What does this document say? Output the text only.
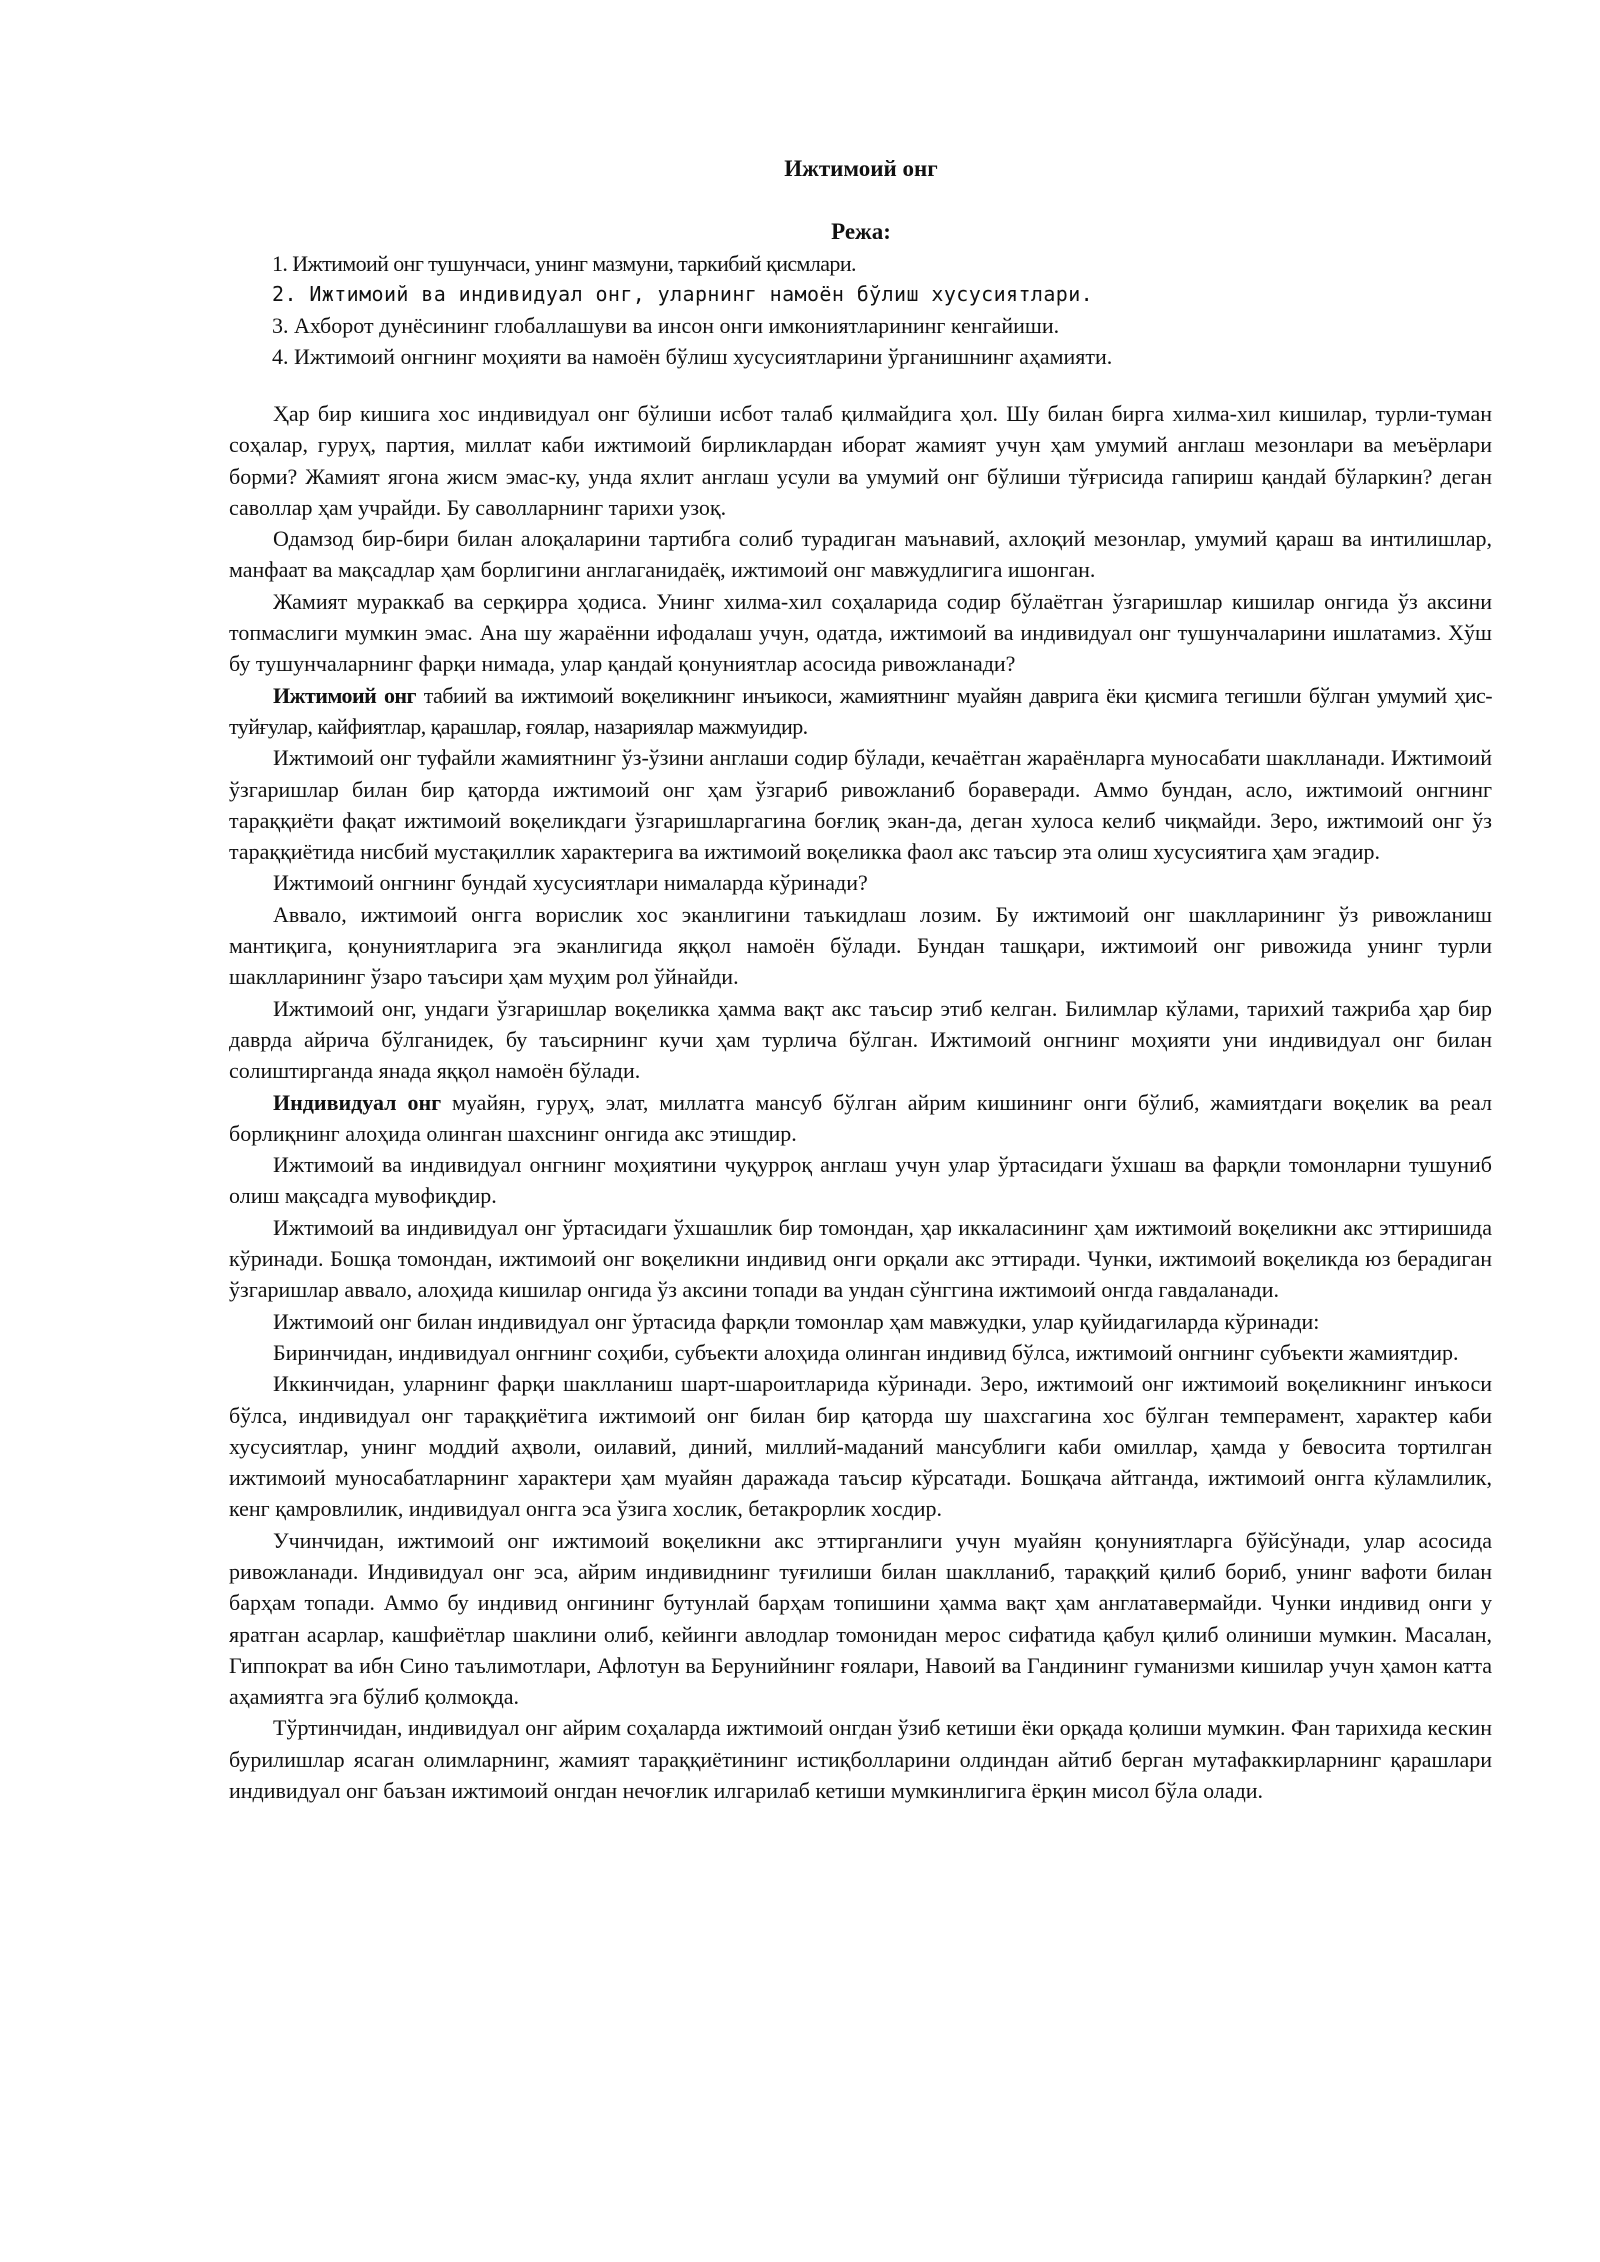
Ижтимоий онг
Режа:
1. Ижтимоий онг тушунчаси, унинг мазмуни, таркибий қисмлари.
2. Ижтимоий ва индивидуал онг, уларнинг намоён бўлиш хусусиятлари.
3. Ахборот дунёсининг глобаллашуви ва инсон онги имкониятларининг кенгайиши.
4. Ижтимоий онгнинг моҳияти ва намоён бўлиш хусусиятларини ўрганишнинг аҳамияти.

Ҳар бир кишига хос индивидуал онг бўлиши исбот талаб қилмайдига ҳол. Шу билан бирга хилма-хил кишилар, турли-туман соҳалар, гуруҳ, партия, миллат каби ижтимоий бирликлардан иборат жамият учун ҳам умумий англаш мезонлари ва меъёрлари борми? Жамият ягона жисм эмас-ку, унда яхлит англаш усули ва умумий онг бўлиши тўғрисида гапириш қандай бўларкин? деган саволлар ҳам учрайди. Бу саволларнинг тарихи узоқ.

Одамзод бир-бири билан алоқаларини тартибга солиб турадиган маънавий, ахлоқий мезонлар, умумий қараш ва интилишлар, манфаат ва мақсадлар ҳам борлигини англаганидаёқ, ижтимоий онг мавжудлигига ишонган.

Жамият мураккаб ва серқирра ҳодиса. Унинг хилма-хил соҳаларида содир бўлаётган ўзгаришлар кишилар онгида ўз аксини топмаслиги мумкин эмас. Ана шу жараённи ифодалаш учун, одатда, ижтимоий ва индивидуал онг тушунчаларини ишлатамиз. Хўш бу тушунчаларнинг фарқи нимада, улар қандай қонуниятлар асосида ривожланади?

Ижтимоий онг табиий ва ижтимоий воқеликнинг инъикоси, жамиятнинг муайян даврига ёки қисмига тегишли бўлган умумий ҳис-туйғулар, кайфиятлар, қарашлар, ғоялар, назариялар мажмуидир.

Ижтимоий онг туфайли жамиятнинг ўз-ўзини англаши содир бўлади, кечаётган жараёнларга муносабати шаклланади. Ижтимоий ўзгаришлар билан бир қаторда ижтимоий онг ҳам ўзгариб ривожланиб бораверади. Аммо бундан, асло, ижтимоий онгнинг тараққиёти фақат ижтимоий воқеликдаги ўзгаришларгагина боғлиқ экан-да, деган хулоса келиб чиқмайди. Зеро, ижтимоий онг ўз тараққиётида нисбий мустақиллик характерига ва ижтимоий воқеликка фаол акс таъсир эта олиш хусусиятига ҳам эгадир.

Ижтимоий онгнинг бундай хусусиятлари нималарда кўринади?

Аввало, ижтимоий онгга ворислик хос эканлигини таъкидлаш лозим. Бу ижтимоий онг шаклларининг ўз ривожланиш мантиқига, қонуниятларига эга эканлигида яққол намоён бўлади. Бундан ташқари, ижтимоий онг ривожида унинг турли шаклларининг ўзаро таъсири ҳам муҳим рол ўйнайди.

Ижтимоий онг, ундаги ўзгаришлар воқеликка ҳамма вақт акс таъсир этиб келган. Билимлар кўлами, тарихий тажриба ҳар бир даврда айрича бўлганидек, бу таъсирнинг кучи ҳам турлича бўлган. Ижтимоий онгнинг моҳияти уни индивидуал онг билан солиштирганда янада яққол намоён бўлади.

Индивидуал онг муайян, гуруҳ, элат, миллатга мансуб бўлган айрим кишининг онги бўлиб, жамиятдаги воқелик ва реал борлиқнинг алоҳида олинган шахснинг онгида акс этишдир.

Ижтимоий ва индивидуал онгнинг моҳиятини чуқурроқ англаш учун улар ўртасидаги ўхшаш ва фарқли томонларни тушуниб олиш мақсадга мувофиқдир.

Ижтимоий ва индивидуал онг ўртасидаги ўхшашлик бир томондан, ҳар иккаласининг ҳам ижтимоий воқеликни акс эттиришида кўринади. Бошқа томондан, ижтимоий онг воқеликни индивид онги орқали акс эттиради. Чунки, ижтимоий воқеликда юз берадиган ўзгаришлар аввало, алоҳида кишилар онгида ўз аксини топади ва ундан сўнггина ижтимоий онгда гавдаланади.

Ижтимоий онг билан индивидуал онг ўртасида фарқли томонлар ҳам мавжудки, улар қуйидагиларда кўринади:

Биринчидан, индивидуал онгнинг соҳиби, субъекти алоҳида олинган индивид бўлса, ижтимоий онгнинг субъекти жамиятдир.

Иккинчидан, уларнинг фарқи шаклланиш шарт-шароитларида кўринади. Зеро, ижтимоий онг ижтимоий воқеликнинг инъкоси бўлса, индивидуал онг тараққиётига ижтимоий онг билан бир қаторда шу шахсгагина хос бўлган темперамент, характер каби хусусиятлар, унинг моддий аҳволи, оилавий, диний, миллий-маданий мансублиги каби омиллар, ҳамда у бевосита тортилган ижтимоий муносабатларнинг характери ҳам муайян даражада таъсир кўрсатади. Бошқача айтганда, ижтимоий онгга кўламлилик, кенг қамровлилик, индивидуал онгга эса ўзига хослик, бетакрорлик хосдир.

Учинчидан, ижтимоий онг ижтимоий воқеликни акс эттирганлиги учун муайян қонуниятларга бўйсўнади, улар асосида ривожланади. Индивидуал онг эса, айрим индивиднинг туғилиши билан шаклланиб, тараққий қилиб бориб, унинг вафоти билан барҳам топади. Аммо бу индивид онгининг бутунлай барҳам топишини ҳамма вақт ҳам англатавермайди. Чунки индивид онги у яратган асарлар, кашфиётлар шаклини олиб, кейинги авлодлар томонидан мерос сифатида қабул қилиб олиниши мумкин. Масалан, Гиппократ ва ибн Сино таълимотлари, Афлотун ва Берунийнинг ғоялари, Навоий ва Гандининг гуманизми кишилар учун ҳамон катта аҳамиятга эга бўлиб қолмоқда.

Тўртинчидан, индивидуал онг айрим соҳаларда ижтимоий онгдан ўзиб кетиши ёки орқада қолиши мумкин. Фан тарихида кескин бурилишлар ясаган олимларнинг, жамият тараққиётининг истиқболларини олдиндан айтиб берган мутафаккирларнинг қарашлари индивидуал онг баъзан ижтимоий онгдан нечоғлик илгарилаб кетиши мумкинлигига ёрқин мисол бўла олади.
